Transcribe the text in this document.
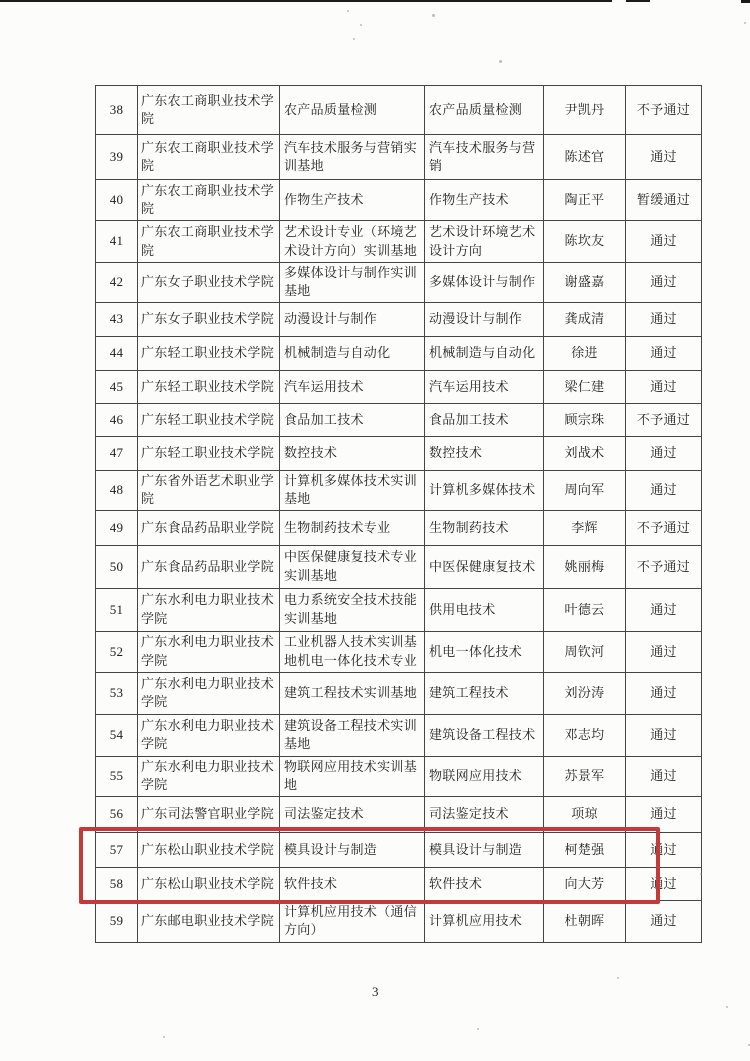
38	广东农工商职业技术学院	农产品质量检测	农产品质量检测	尹凯丹	不予通过
39	广东农工商职业技术学院	汽车技术服务与营销实训基地	汽车技术服务与营销	陈述官	通过
40	广东农工商职业技术学院	作物生产技术	作物生产技术	陶正平	暂缓通过
41	广东农工商职业技术学院	艺术设计专业（环境艺术设计方向）实训基地	艺术设计环境艺术设计方向	陈坎友	通过
42	广东女子职业技术学院	多媒体设计与制作实训基地	多媒体设计与制作	谢盛嘉	通过
43	广东女子职业技术学院	动漫设计与制作	动漫设计与制作	龚成清	通过
44	广东轻工职业技术学院	机械制造与自动化	机械制造与自动化	徐进	通过
45	广东轻工职业技术学院	汽车运用技术	汽车运用技术	梁仁建	通过
46	广东轻工职业技术学院	食品加工技术	食品加工技术	顾宗珠	不予通过
47	广东轻工职业技术学院	数控技术	数控技术	刘战术	通过
48	广东省外语艺术职业学院	计算机多媒体技术实训基地	计算机多媒体技术	周向军	通过
49	广东食品药品职业学院	生物制药技术专业	生物制药技术	李辉	不予通过
50	广东食品药品职业学院	中医保健康复技术专业实训基地	中医保健康复技术	姚丽梅	不予通过
51	广东水利电力职业技术学院	电力系统安全技术技能实训基地	供用电技术	叶德云	通过
52	广东水利电力职业技术学院	工业机器人技术实训基地机电一体化技术专业	机电一体化技术	周钦河	通过
53	广东水利电力职业技术学院	建筑工程技术实训基地	建筑工程技术	刘汾涛	通过
54	广东水利电力职业技术学院	建筑设备工程技术实训基地	建筑设备工程技术	邓志均	通过
55	广东水利电力职业技术学院	物联网应用技术实训基地	物联网应用技术	苏景军	通过
56	广东司法警官职业学院	司法鉴定技术	司法鉴定技术	项琼	通过
57	广东松山职业技术学院	模具设计与制造	模具设计与制造	柯楚强	通过
58	广东松山职业技术学院	软件技术	软件技术	向大芳	通过
59	广东邮电职业技术学院	计算机应用技术（通信方向）	计算机应用技术	杜朝晖	通过
3
